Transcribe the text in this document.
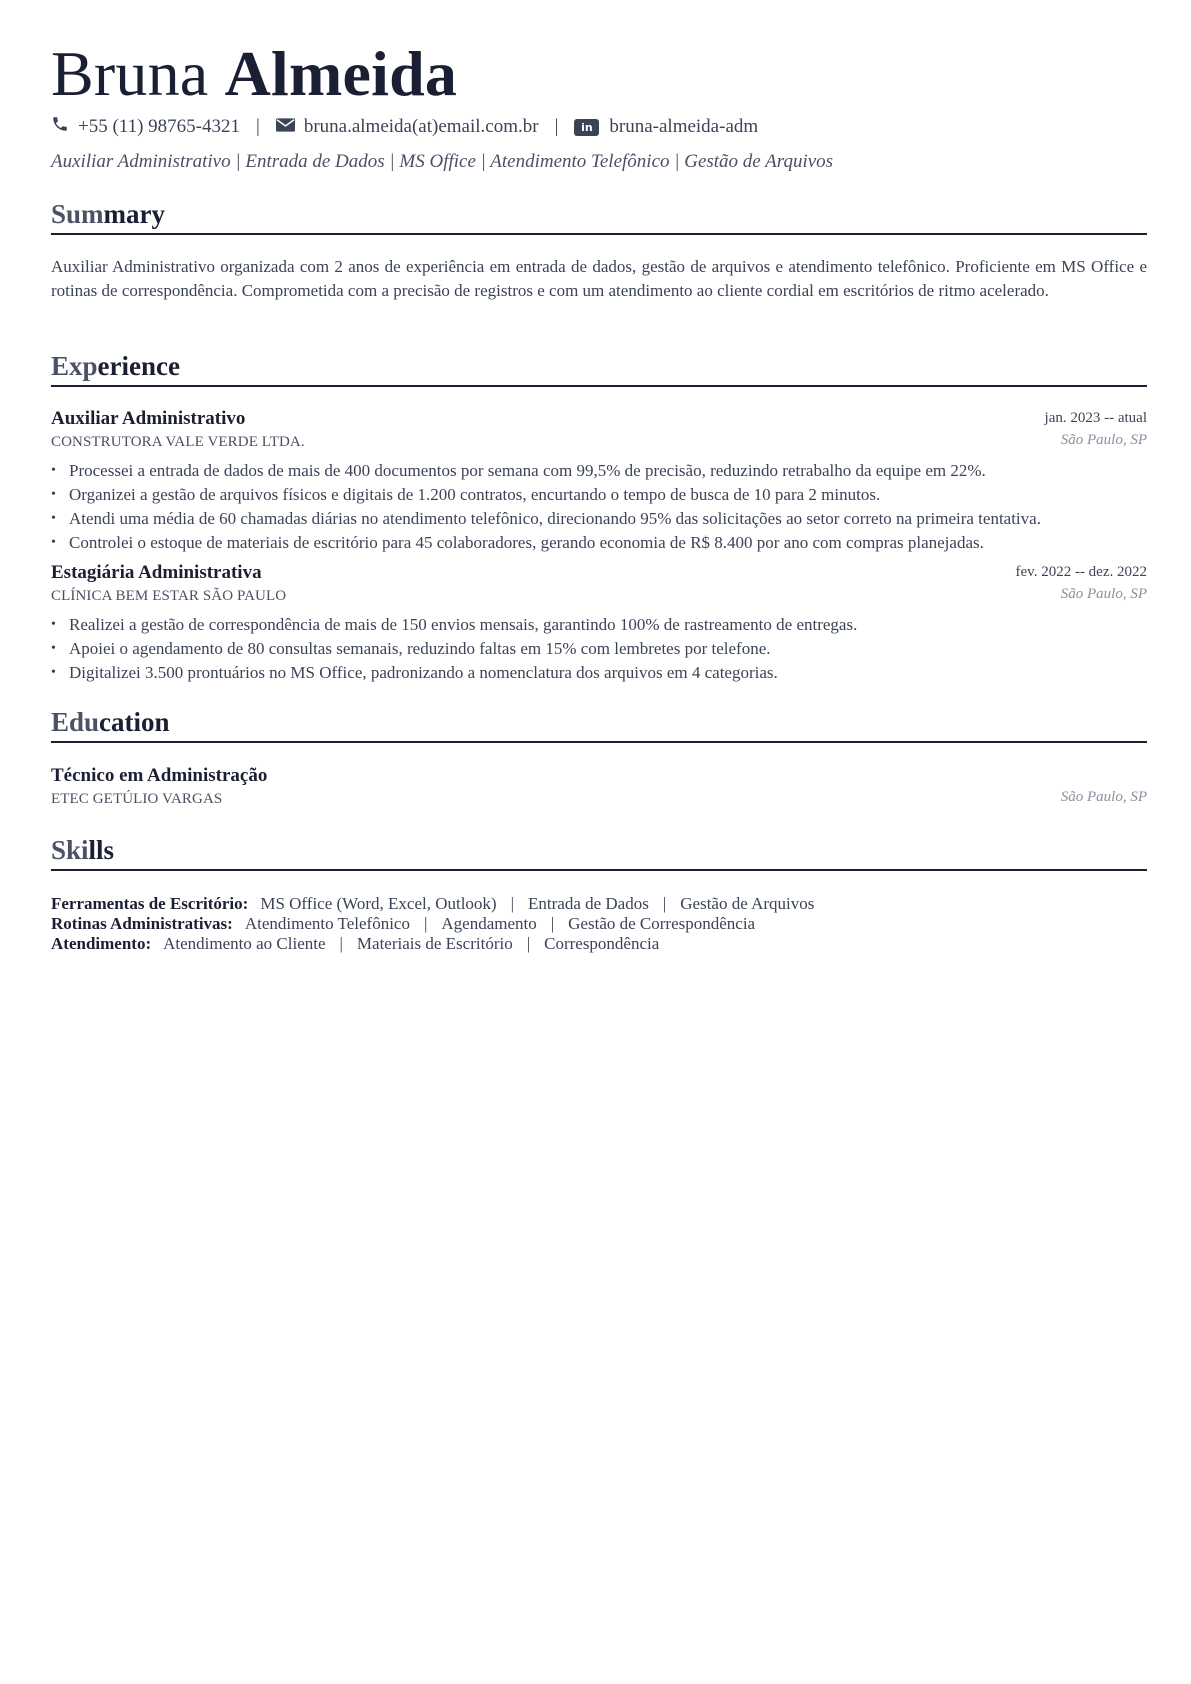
Bruna Almeida
+55 (11) 98765-4321 | bruna.almeida(at)email.com.br |	in bruna-almeida-adm
Auxiliar Administrativo | Entrada de Dados | MS Office | Atendimento Telefônico | Gestão de Arquivos
Summary
Auxiliar Administrativo organizada com 2 anos de experiência em entrada de dados, gestão de arquivos e atendimento telefônico. Proficiente em MS Office e rotinas de correspondência. Comprometida com a precisão de registros e com um atendimento ao cliente cordial em escritórios de ritmo acelerado.
Experience
Auxiliar Administrativo	jan. 2023 -- atual
CONSTRUTORA VALE VERDE LTDA.	São Paulo, SP
• Processei a entrada de dados de mais de 400 documentos por semana com 99,5% de precisão, reduzindo retrabalho da equipe em 22%.
• Organizei a gestão de arquivos físicos e digitais de 1.200 contratos, encurtando o tempo de busca de 10 para 2 minutos.
• Atendi uma média de 60 chamadas diárias no atendimento telefônico, direcionando 95% das solicitações ao setor correto na primeira tentativa.
• Controlei o estoque de materiais de escritório para 45 colaboradores, gerando economia de R$ 8.400 por ano com compras planejadas.
Estagiária Administrativa	fev. 2022 -- dez. 2022
CLÍNICA BEM ESTAR SÃO PAULO	São Paulo, SP
• Realizei a gestão de correspondência de mais de 150 envios mensais, garantindo 100% de rastreamento de entregas.
• Apoiei o agendamento de 80 consultas semanais, reduzindo faltas em 15% com lembretes por telefone.
• Digitalizei 3.500 prontuários no MS Office, padronizando a nomenclatura dos arquivos em 4 categorias.
Education
Técnico em Administração
ETEC GETÚLIO VARGAS	São Paulo, SP
Skills
Ferramentas de Escritório: MS Office (Word, Excel, Outlook) | Entrada de Dados | Gestão de Arquivos
Rotinas Administrativas: Atendimento Telefônico | Agendamento | Gestão de Correspondência
Atendimento: Atendimento ao Cliente | Materiais de Escritório | Correspondência
